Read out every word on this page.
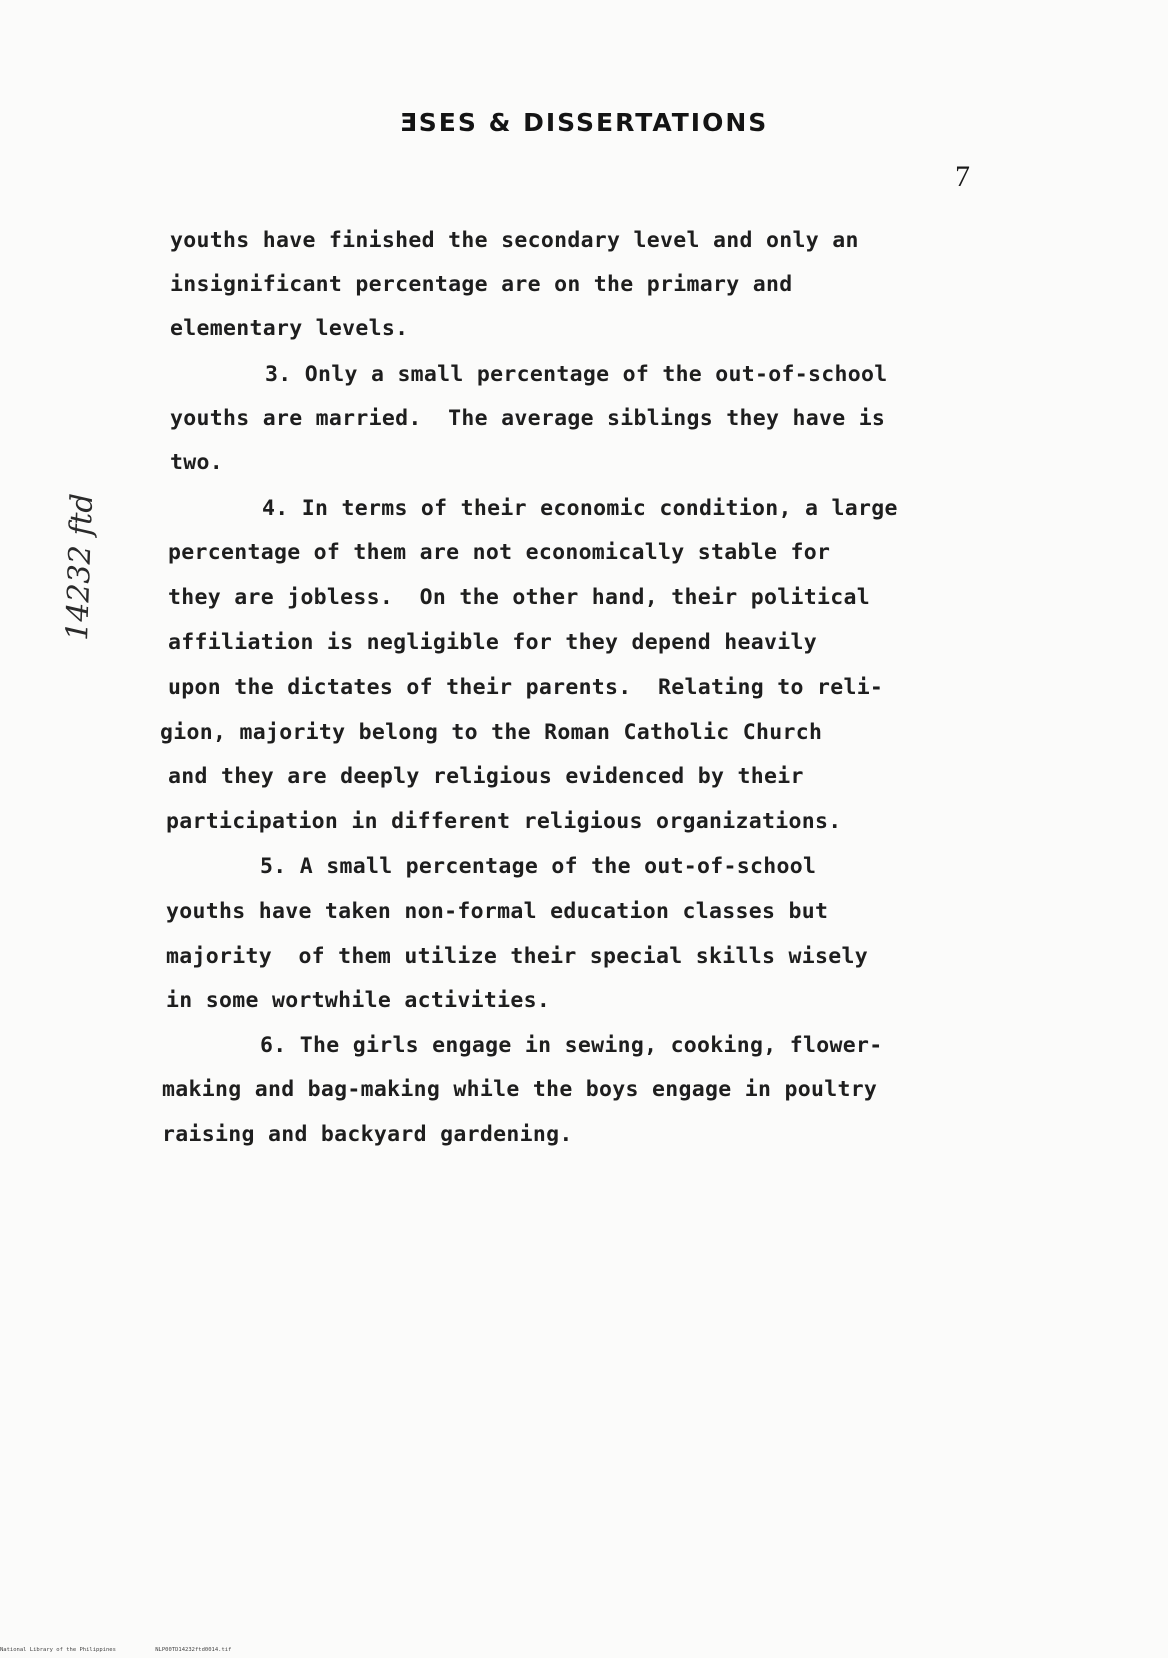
ƎSES & DISSERTATIONS
7
14232 ftd
youths have finished the secondary level and only an
insignificant percentage are on the primary and
elementary levels.
3. Only a small percentage of the out-of-school
youths are married.  The average siblings they have is
two.
4. In terms of their economic condition, a large
percentage of them are not economically stable for
they are jobless.  On the other hand, their political
affiliation is negligible for they depend heavily
upon the dictates of their parents.  Relating to reli-
gion, majority belong to the Roman Catholic Church
and they are deeply religious evidenced by their
participation in different religious organizations.
5. A small percentage of the out-of-school
youths have taken non-formal education classes but
majority  of them utilize their special skills wisely
in some wortwhile activities.
6. The girls engage in sewing, cooking, flower-
making and bag-making while the boys engage in poultry
raising and backyard gardening.
National Library of the Philippines	NLP00TD14232ftd0014.tif
